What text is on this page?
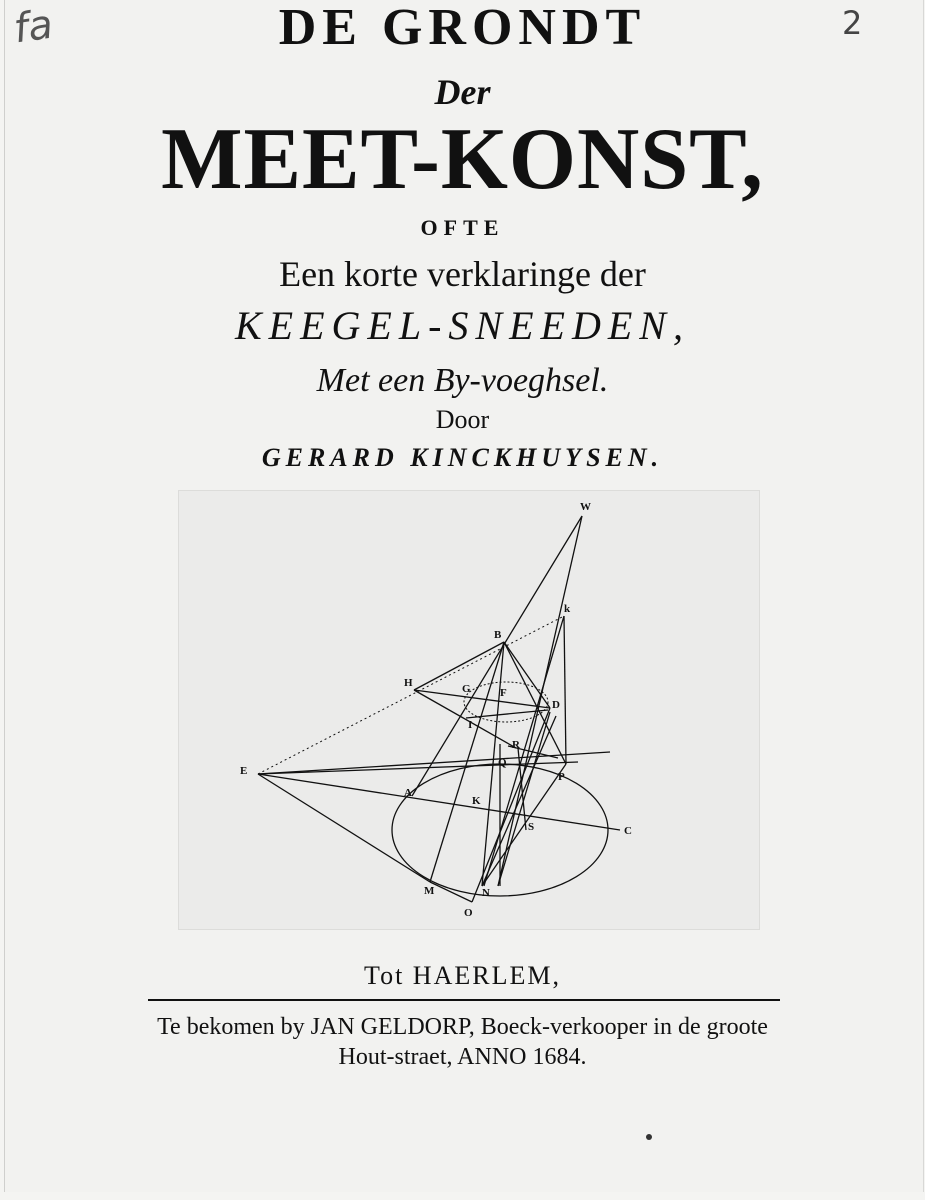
fa	2
DE GRONDT
Der
MEET-KONST,
OFTE
Een korte verklaringe der
KEEGEL-SNEEDEN,
Met een By-voeghsel.
Door
GERARD KINCKHUYSEN.
W
k
B
H	G	F
D
I
E
R
Q
P
A
K
S	C
M	N
O
Tot HAERLEM,
Te bekomen by JAN GELDORP, Boeck-verkooper in de groote
Hout-straet, ANNO 1684.
